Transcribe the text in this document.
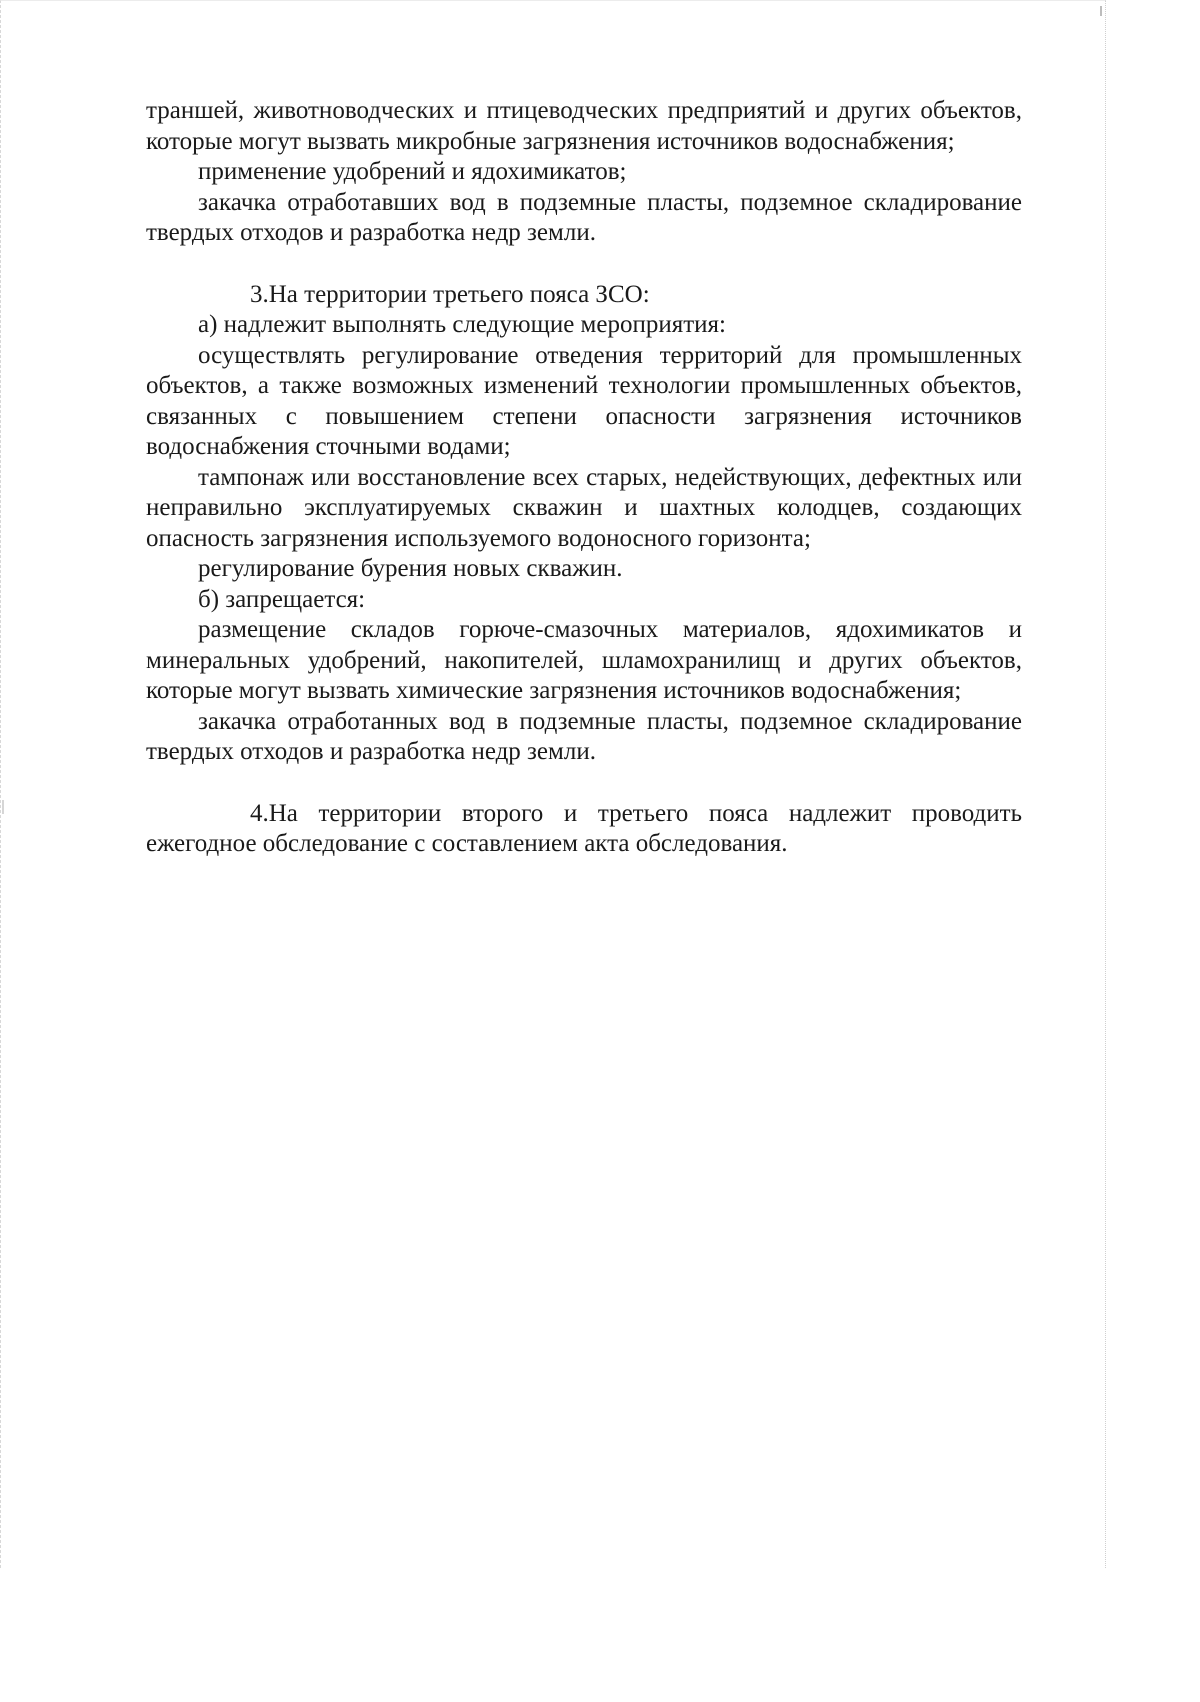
траншей, животноводческих и птицеводческих предприятий и других объектов, которые могут вызвать микробные загрязнения источников водоснабжения;

применение удобрений и ядохимикатов;

закачка отработавших вод в подземные пласты, подземное складирование твердых отходов и разработка недр земли.

3.На территории третьего пояса ЗСО:

а) надлежит выполнять следующие мероприятия:

осуществлять регулирование отведения территорий для промышленных объектов, а также возможных изменений технологии промышленных объектов, связанных с повышением степени опасности загрязнения источников водоснабжения сточными водами;

тампонаж или восстановление всех старых, недействующих, дефектных или неправильно эксплуатируемых скважин и шахтных колодцев, создающих опасность загрязнения используемого водоносного горизонта;

регулирование бурения новых скважин.

б) запрещается:

размещение складов горюче-смазочных материалов, ядохимикатов и минеральных удобрений, накопителей, шламохранилищ и других объектов, которые могут вызвать химические загрязнения источников водоснабжения;

закачка отработанных вод в подземные пласты, подземное складирование твердых отходов и разработка недр земли.

4.На территории второго и третьего пояса надлежит проводить ежегодное обследование с составлением акта обследования.
